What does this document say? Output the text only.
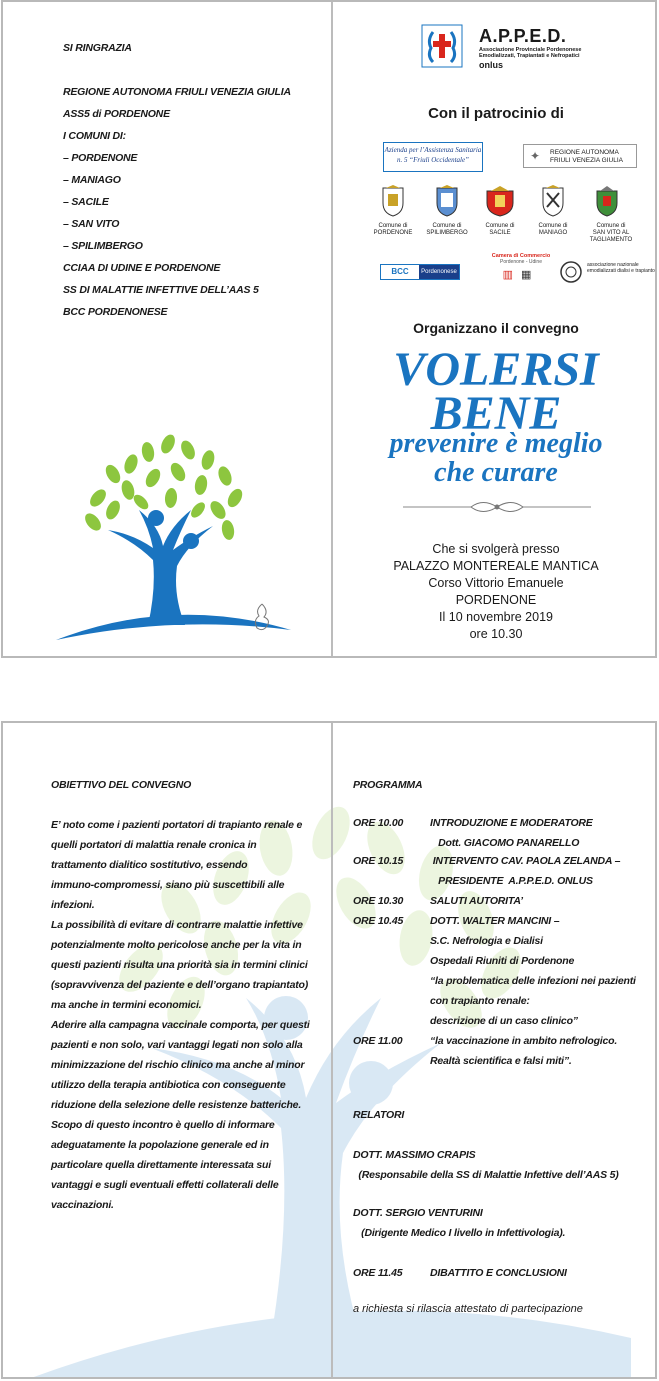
SI RINGRAZIA
REGIONE AUTONOMA FRIULI VENEZIA GIULIA
ASS5 di PORDENONE
I COMUNI DI:
– PORDENONE
– MANIAGO
– SACILE
– SAN VITO
– SPILIMBERGO
CCIAA DI UDINE E PORDENONE
SS DI MALATTIE INFETTIVE DELL’AAS 5
BCC PORDENONESE
A.P.P.E.D.
Associazione Provinciale Pordenonese
Emodializzati, Trapiantati e Nefropatici
onlus
Con il patrocinio di
Azienda per l’Assistenza Sanitaria
n. 5 “Friuli Occidentale”	✦ REGIONE AUTONOMA
FRIULI VENEZIA GIULIA
Comune di
PORDENONE
Comune di
SPILIMBERGO
Comune di
SACILE
Comune di
MANIAGO
Comune di
SAN VITO AL TAGLIAMENTO
BCC	Pordenonese
Camera di Commercio
Pordenone - Udine
▥▦
associazione nazionale
emodializzati dialisi e trapianto
Organizzano il convegno
VOLERSI
BENE
prevenire è meglio
che curare
Che si svolgerà presso
PALAZZO MONTEREALE MANTICA
Corso Vittorio Emanuele
PORDENONE
Il 10 novembre 2019
ore 10.30
OBIETTIVO DEL CONVEGNO
E’ noto come i pazienti portatori di trapianto renale e
quelli portatori di malattia renale cronica in
trattamento dialitico sostitutivo, essendo
immuno-compromessi, siano più suscettibili alle
infezioni.
La possibilità di evitare di contrarre malattie infettive
potenzialmente molto pericolose anche per la vita in
questi pazienti risulta una priorità sia in termini clinici
(sopravvivenza del paziente e dell’organo trapiantato)
ma anche in termini economici.
Aderire alla campagna vaccinale comporta, per questi
pazienti e non solo, vari vantaggi legati non solo alla
minimizzazione del rischio clinico ma anche al minor
utilizzo della terapia antibiotica con conseguente
riduzione della selezione delle resistenze batteriche.
Scopo di questo incontro è quello di informare
adeguatamente la popolazione generale ed in
particolare quella direttamente interessata sui
vantaggi e sugli eventuali effetti collaterali delle
vaccinazioni.
PROGRAMMA
ORE 10.00	INTRODUZIONE E MODERATORE
Dott. GIACOMO PANARELLO
ORE 10.15	INTERVENTO CAV. PAOLA ZELANDA –
PRESIDENTE  A.P.P.E.D. ONLUS
ORE 10.30	SALUTI AUTORITA’
ORE 10.45	DOTT. WALTER MANCINI –
S.C. Nefrologia e Dialisi
Ospedali Riuniti di Pordenone
“la problematica delle infezioni nei pazienti
con trapianto renale:
descrizione di un caso clinico”
ORE 11.00	“la vaccinazione in ambito nefrologico.
Realtà scientifica e falsi miti”.
RELATORI
DOTT. MASSIMO CRAPIS
(Responsabile della SS di Malattie Infettive dell’AAS 5)
DOTT. SERGIO VENTURINI
(Dirigente Medico I livello in Infettivologia).
ORE 11.45	DIBATTITO E CONCLUSIONI
a richiesta si rilascia attestato di partecipazione
